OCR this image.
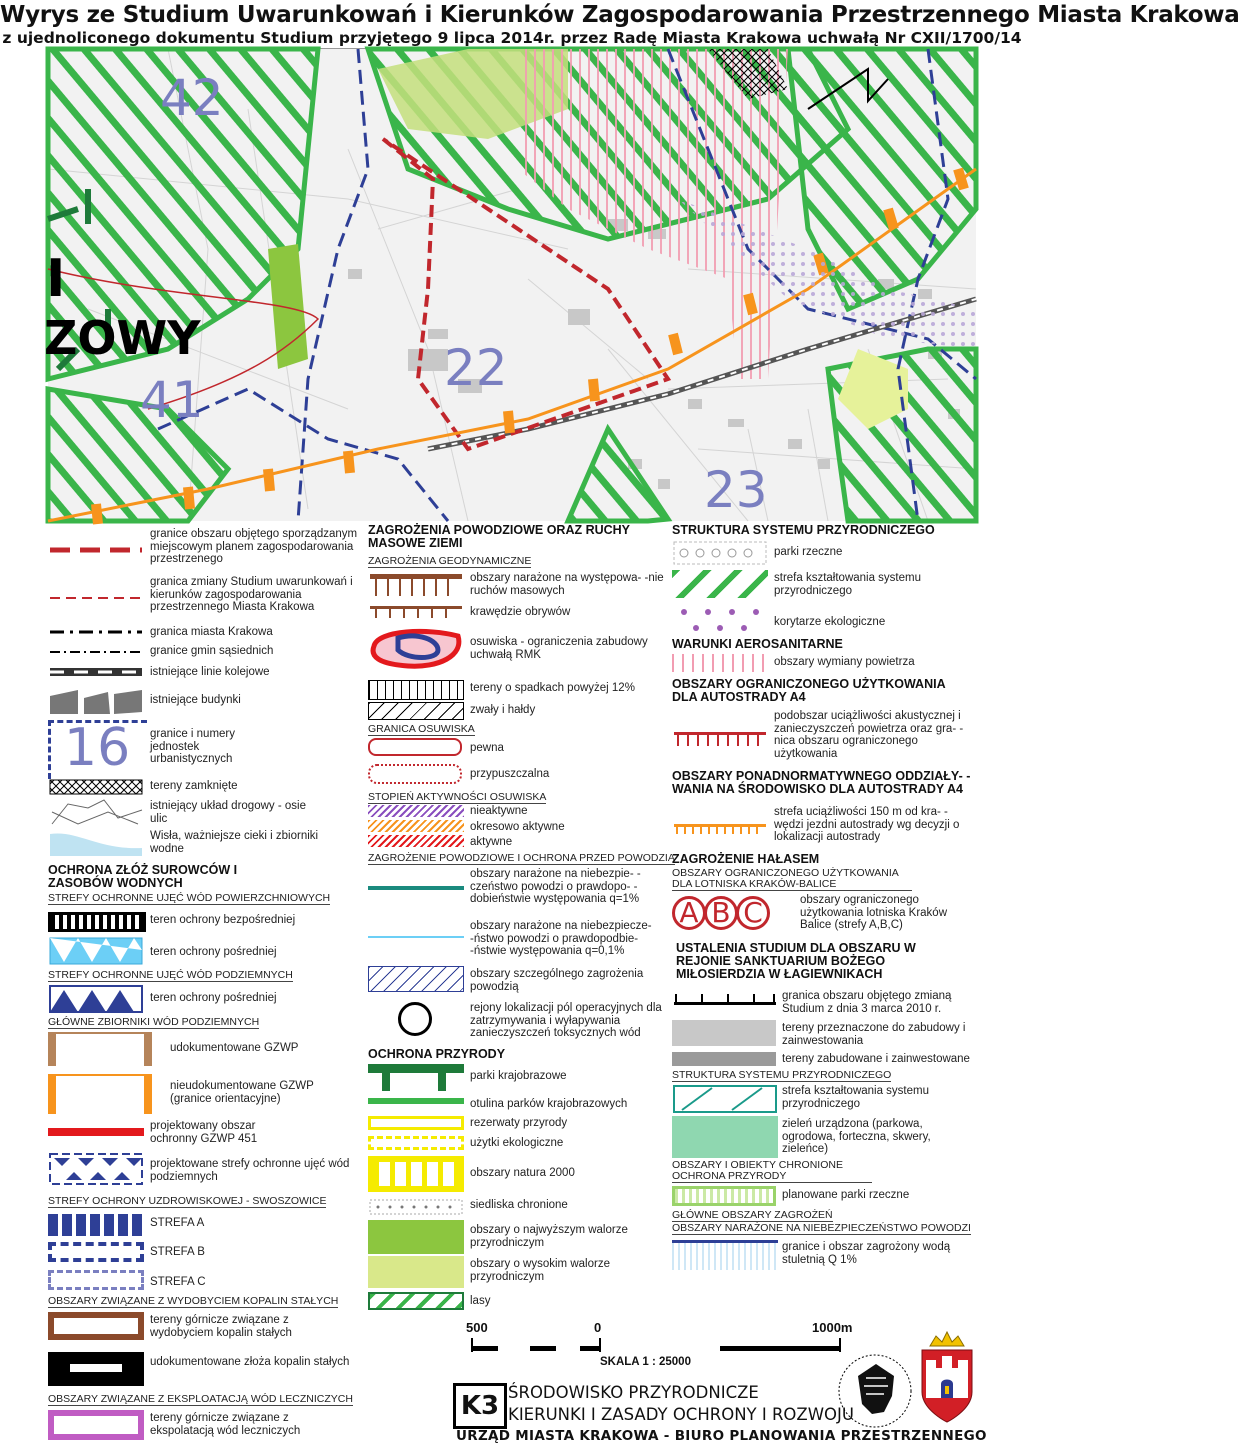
Wyrys ze Studium Uwarunkowań i Kierunków Zagospodarowania Przestrzennego Miasta Krakowa
z ujednoliconego dokumentu Studium przyjętego 9 lipca 2014r. przez Radę Miasta Krakowa uchwałą Nr CXII/1700/14
42
41
22
23
I
ZOWY
granice obszaru objętego sporządzanym miejscowym planem zagospodarowania przestrzenego
granica zmiany Studium uwarunkowań i kierunków zagospodarowania przestrzennego Miasta Krakowa
granica miasta Krakowa
granice gmin sąsiednich
istniejące linie kolejowe
istniejące budynki
16 granice i numery jednostek urbanistycznych
tereny zamknięte
istniejący układ drogowy - osie ulic
Wisła, ważniejsze cieki i zbiorniki wodne
OCHRONA ZŁÓŻ SUROWCÓW I ZASOBÓW WODNYCH
STREFY OCHRONNE UJĘĆ WÓD POWIERZCHNIOWYCH
teren ochrony bezpośredniej
teren ochrony pośredniej
STREFY OCHRONNE UJĘĆ WÓD PODZIEMNYCH
teren ochrony pośredniej
GŁÓWNE ZBIORNIKI WÓD PODZIEMNYCH
udokumentowane GZWP
nieudokumentowane GZWP (granice orientacyjne)
projektowany obszar ochronny GZWP 451
projektowane strefy ochronne ujęć wód podziemnych
STREFY OCHRONY UZDROWISKOWEJ - SWOSZOWICE
STREFA A
STREFA B
STREFA C
OBSZARY ZWIĄZANE Z WYDOBYCIEM KOPALIN STAŁYCH
tereny górnicze związane z wydobyciem kopalin stałych
udokumentowane złoża kopalin stałych
OBSZARY ZWIĄZANE Z EKSPLOATACJĄ WÓD LECZNICZYCH
tereny górnicze związane z ekspolatacją wód leczniczych
ZAGROŻENIA POWODZIOWE ORAZ RUCHY MASOWE ZIEMI
ZAGROŻENIA GEODYNAMICZNE
obszary narażone na występowa- -nie ruchów masowych
krawędzie obrywów
osuwiska - ograniczenia zabudowy uchwałą RMK
tereny o spadkach powyżej 12%
zwały i hałdy
GRANICA OSUWISKA
pewna
przypuszczalna
STOPIEŃ AKTYWNOŚCI OSUWISKA
nieaktywne
okresowo aktywne
aktywne
ZAGROŻENIE POWODZIOWE I OCHRONA PRZED POWODZIĄ
obszary narażone na niebezpie- -czeństwo powodzi o prawdopo- -dobieństwie występowania q=1%
obszary narażone na niebezpiecze- -ństwo powodzi o prawdopodbie- -ństwie występowania q=0,1%
obszary szczególnego zagrożenia powodzią
rejony lokalizacji pól operacyjnych dla zatrzymywania i wyłapywania zanieczyszczeń toksycznych wód
OCHRONA PRZYRODY
parki krajobrazowe
otulina parków krajobrazowych
rezerwaty przyrody
użytki ekologiczne
obszary natura 2000
siedliska chronione
obszary o najwyższym walorze przyrodniczym
obszary o wysokim walorze przyrodniczym
lasy
STRUKTURA SYSTEMU PRZYRODNICZEGO
parki rzeczne
strefa kształtowania systemu przyrodniczego
korytarze ekologiczne
WARUNKI AEROSANITARNE
obszary wymiany powietrza
OBSZARY OGRANICZONEGO UŻYTKOWANIA DLA AUTOSTRADY A4
podobszar uciążliwości akustycznej i zanieczyszczeń powietrza oraz gra- -nica obszaru ograniczonego użytkowania
OBSZARY PONADNORMATYWNEGO ODDZIAŁY- -WANIA NA ŚRODOWISKO DLA AUTOSTRADY A4
strefa uciążliwości 150 m od kra- -wędzi jezdni autostrady wg decyzji o lokalizacji autostrady
ZAGROŻENIE HAŁASEM
OBSZARY OGRANICZONEGO UŻYTKOWANIA DLA LOTNISKA KRAKÓW-BALICE
A B C	obszary ograniczonego użytkowania lotniska Kraków Balice (strefy A,B,C)
USTALENIA STUDIUM DLA OBSZARU W REJONIE SANKTUARIUM BOŻEGO MIŁOSIERDZIA W ŁAGIEWNIKACH
granica obszaru objętego zmianą Studium z dnia 3 marca 2010 r.
tereny przeznaczone do zabudowy i zainwestowania
tereny zabudowane i zainwestowane
STRUKTURA SYSTEMU PRZYRODNICZEGO
strefa kształtowania systemu przyrodniczego
zieleń urządzona (parkowa, ogrodowa, forteczna, skwery, zieleńce)
OBSZARY I OBIEKTY CHRONIONE OCHRONA PRZYRODY
planowane parki rzeczne
GŁÓWNE OBSZARY ZAGROŻEŃ
OBSZARY NARAŻONE NA NIEBEZPIECZEŃSTWO POWODZI
granice i obszar zagrożony wodą stuletnią Q 1%
500	0	1000m
SKALA 1 : 25000
K3 ŚRODOWISKO PRZYRODNICZE
KIERUNKI I ZASADY OCHRONY I ROZWOJU
URZĄD MIASTA KRAKOWA - BIURO PLANOWANIA PRZESTRZENNEGO
